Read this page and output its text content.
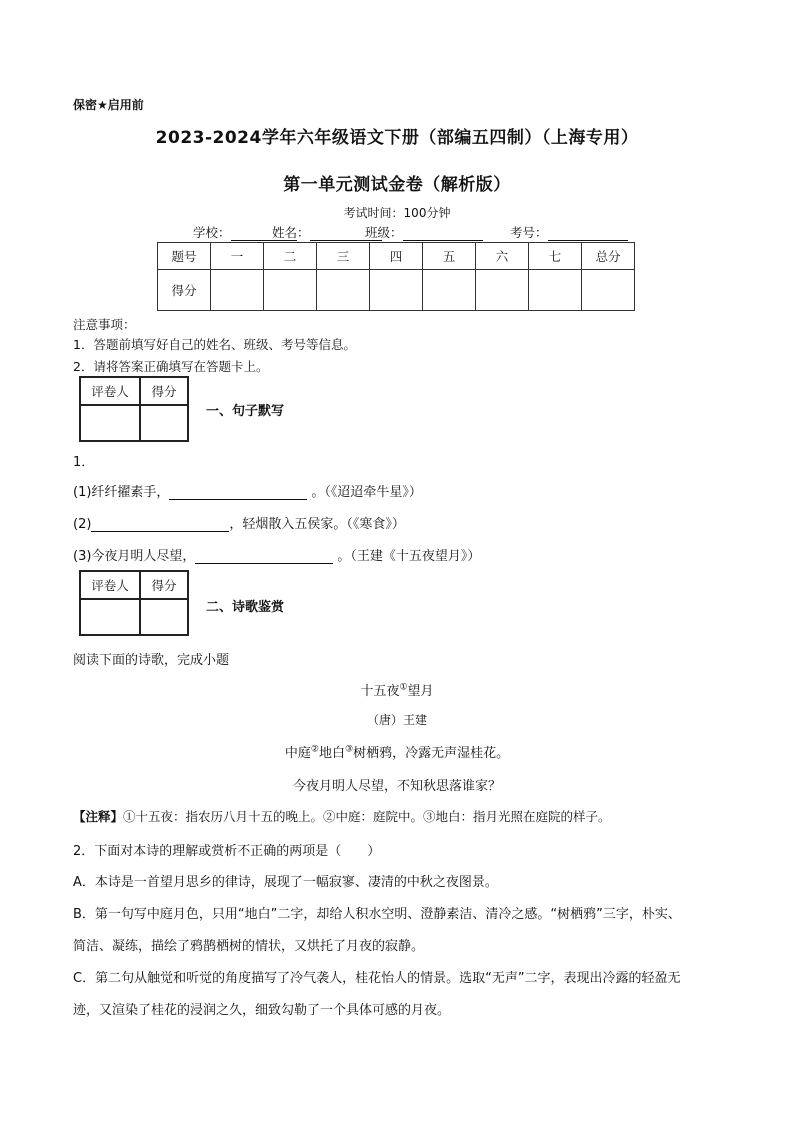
保密★启用前
2023-2024学年六年级语文下册（部编五四制）（上海专用）
第一单元测试金卷（解析版）
考试时间：100分钟
学校：	姓名：	班级：	考号：
题号	一	二	三	四	五	六	七	总分
得分								
注意事项：
1．答题前填写好自己的姓名、班级、考号等信息。
2．请将答案正确填写在答题卡上。
评卷人	得分

一、句子默写
1．
(1)纤纤擢素手，	。（《迢迢牵牛星》）
(2)	，轻烟散入五侯家。（《寒食》）
(3)今夜月明人尽望，	。（王建《十五夜望月》）
评卷人	得分

二、诗歌鉴赏
阅读下面的诗歌，完成小题
十五夜①望月
（唐）王建
中庭②地白③树栖鸦，冷露无声湿桂花。
今夜月明人尽望，不知秋思落谁家？
【注释】①十五夜：指农历八月十五的晚上。②中庭：庭院中。③地白：指月光照在庭院的样子。
2．下面对本诗的理解或赏析不正确的两项是（　　）
A．本诗是一首望月思乡的律诗，展现了一幅寂寥、凄清的中秋之夜图景。
B．第一句写中庭月色，只用“地白”二字，却给人积水空明、澄静素洁、清冷之感。“树栖鸦”三字，朴实、
简洁、凝练，描绘了鸦鹊栖树的情状，又烘托了月夜的寂静。
C．第二句从触觉和听觉的角度描写了冷气袭人，桂花怡人的情景。选取“无声”二字，表现出冷露的轻盈无
迹，又渲染了桂花的浸润之久，细致勾勒了一个具体可感的月夜。
